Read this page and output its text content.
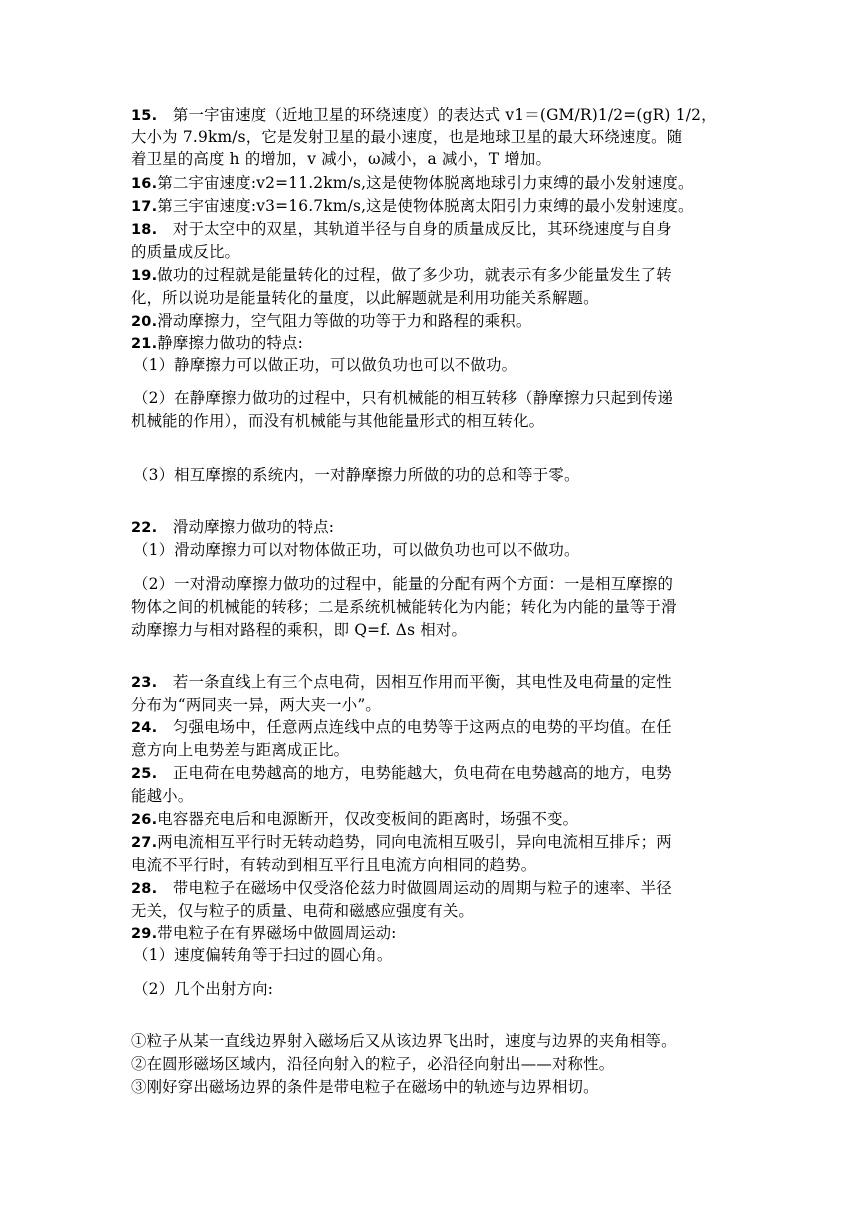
15. 第一宇宙速度（近地卫星的环绕速度）的表达式 v1＝(GM/R)1/2=(gR) 1/2，
大小为 7.9km/s，它是发射卫星的最小速度，也是地球卫星的最大环绕速度。随
着卫星的高度 h 的增加，v 减小，ω减小，a 减小，T 增加。
16.第二宇宙速度:v2=11.2km/s,这是使物体脱离地球引力束缚的最小发射速度。
17.第三宇宙速度:v3=16.7km/s,这是使物体脱离太阳引力束缚的最小发射速度。
18. 对于太空中的双星，其轨道半径与自身的质量成反比，其环绕速度与自身
的质量成反比。
19.做功的过程就是能量转化的过程，做了多少功，就表示有多少能量发生了转
化，所以说功是能量转化的量度，以此解题就是利用功能关系解题。
20.滑动摩擦力，空气阻力等做的功等于力和路程的乘积。
21.静摩擦力做功的特点:
（1）静摩擦力可以做正功，可以做负功也可以不做功。
（2）在静摩擦力做功的过程中，只有机械能的相互转移（静摩擦力只起到传递
机械能的作用），而没有机械能与其他能量形式的相互转化。
（3）相互摩擦的系统内，一对静摩擦力所做的功的总和等于零。
22. 滑动摩擦力做功的特点:
（1）滑动摩擦力可以对物体做正功，可以做负功也可以不做功。
（2）一对滑动摩擦力做功的过程中，能量的分配有两个方面：一是相互摩擦的
物体之间的机械能的转移；二是系统机械能转化为内能；转化为内能的量等于滑
动摩擦力与相对路程的乘积，即 Q=f. Δs 相对。
23. 若一条直线上有三个点电荷，因相互作用而平衡，其电性及电荷量的定性
分布为“两同夹一异，两大夹一小”。
24. 匀强电场中，任意两点连线中点的电势等于这两点的电势的平均值。在任
意方向上电势差与距离成正比。
25. 正电荷在电势越高的地方，电势能越大，负电荷在电势越高的地方，电势
能越小。
26.电容器充电后和电源断开，仅改变板间的距离时，场强不变。
27.两电流相互平行时无转动趋势，同向电流相互吸引，异向电流相互排斥；两
电流不平行时，有转动到相互平行且电流方向相同的趋势。
28. 带电粒子在磁场中仅受洛伦兹力时做圆周运动的周期与粒子的速率、半径
无关，仅与粒子的质量、电荷和磁感应强度有关。
29.带电粒子在有界磁场中做圆周运动:
（1）速度偏转角等于扫过的圆心角。
（2）几个出射方向:
①粒子从某一直线边界射入磁场后又从该边界飞出时，速度与边界的夹角相等。
②在圆形磁场区域内，沿径向射入的粒子，必沿径向射出——对称性。
③刚好穿出磁场边界的条件是带电粒子在磁场中的轨迹与边界相切。
